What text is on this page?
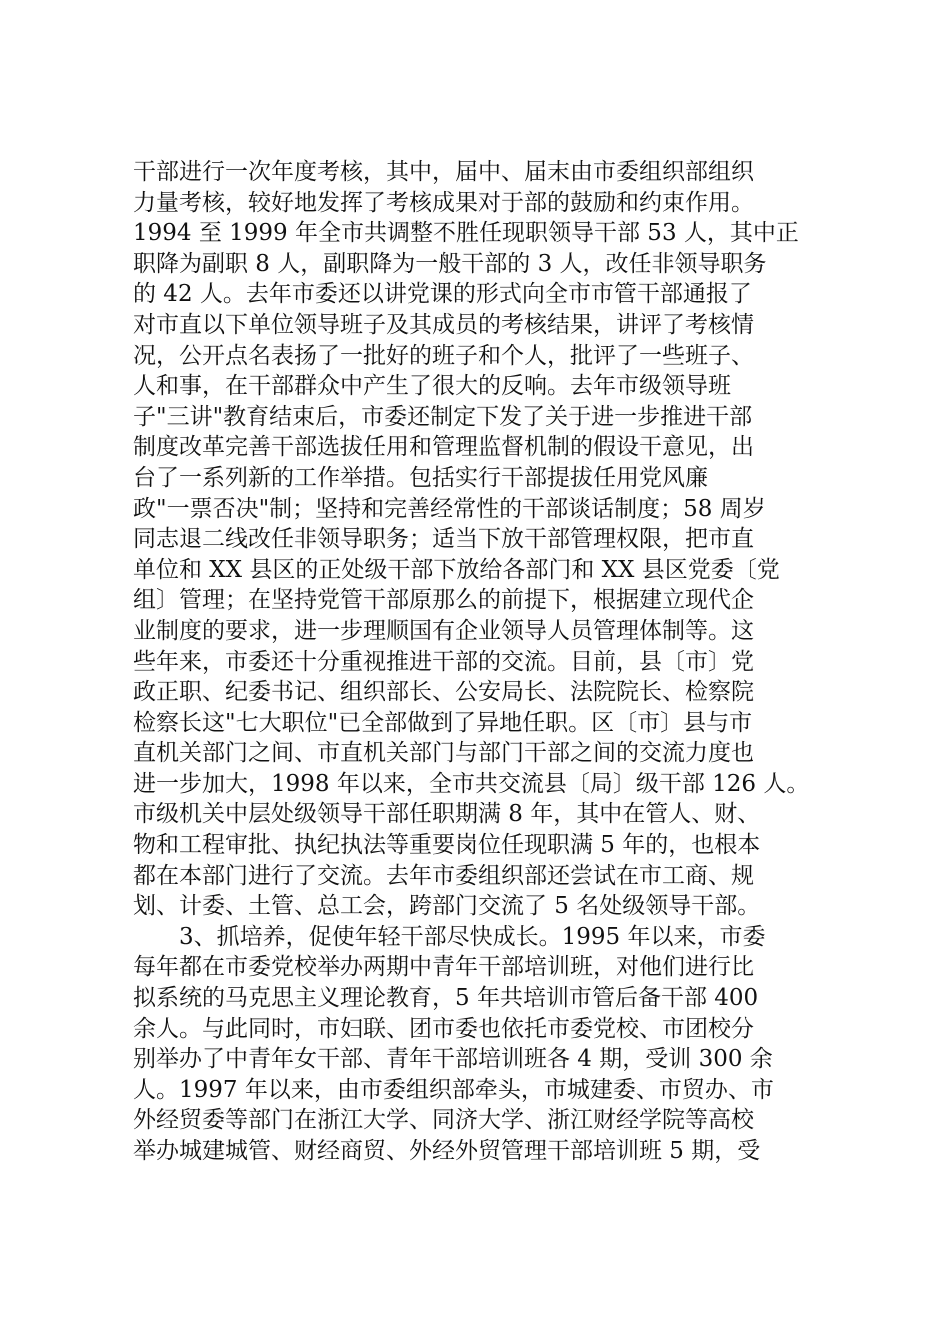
干部进行一次年度考核，其中，届中、届末由市委组织部组织
力量考核，较好地发挥了考核成果对于部的鼓励和约束作用。
1994 至 1999 年全市共调整不胜任现职领导干部 53 人，其中正
职降为副职 8 人，副职降为一般干部的 3 人，改任非领导职务
的 42 人。去年市委还以讲党课的形式向全市市管干部通报了
对市直以下单位领导班子及其成员的考核结果，讲评了考核情
况，公开点名表扬了一批好的班子和个人，批评了一些班子、
人和事，在干部群众中产生了很大的反响。去年市级领导班
子"三讲"教育结束后，市委还制定下发了关于进一步推进干部
制度改革完善干部选拔任用和管理监督机制的假设干意见，出
台了一系列新的工作举措。包括实行干部提拔任用党风廉
政"一票否决"制；坚持和完善经常性的干部谈话制度；58 周岁
同志退二线改任非领导职务；适当下放干部管理权限，把市直
单位和 XX 县区的正处级干部下放给各部门和 XX 县区党委〔党
组〕管理；在坚持党管干部原那么的前提下，根据建立现代企
业制度的要求，进一步理顺国有企业领导人员管理体制等。这
些年来，市委还十分重视推进干部的交流。目前，县〔市〕党
政正职、纪委书记、组织部长、公安局长、法院院长、检察院
检察长这"七大职位"已全部做到了异地任职。区〔市〕县与市
直机关部门之间、市直机关部门与部门干部之间的交流力度也
进一步加大，1998 年以来，全市共交流县〔局〕级干部 126 人。
市级机关中层处级领导干部任职期满 8 年，其中在管人、财、
物和工程审批、执纪执法等重要岗位任现职满 5 年的，也根本
都在本部门进行了交流。去年市委组织部还尝试在市工商、规
划、计委、土管、总工会，跨部门交流了 5 名处级领导干部。
3、抓培养，促使年轻干部尽快成长。1995 年以来，市委
每年都在市委党校举办两期中青年干部培训班，对他们进行比
拟系统的马克思主义理论教育，5 年共培训市管后备干部 400
余人。与此同时，市妇联、团市委也依托市委党校、市团校分
别举办了中青年女干部、青年干部培训班各 4 期，受训 300 余
人。1997 年以来，由市委组织部牵头，市城建委、市贸办、市
外经贸委等部门在浙江大学、同济大学、浙江财经学院等高校
举办城建城管、财经商贸、外经外贸管理干部培训班 5 期，受
